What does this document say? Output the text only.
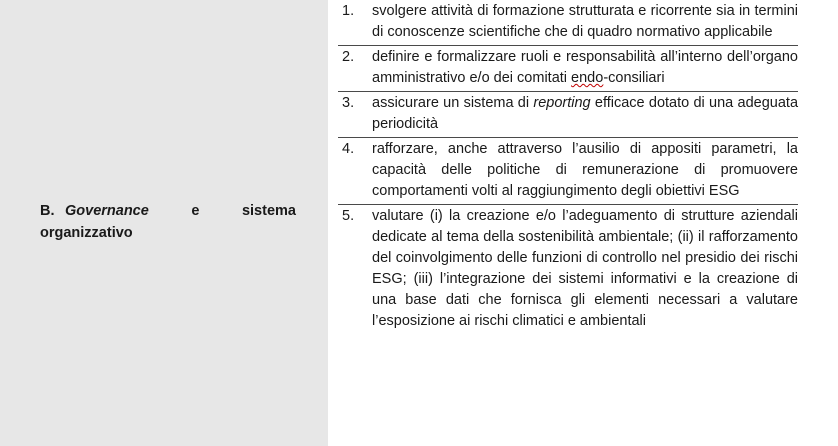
B. Governance	e	sistema
organizzativo
1.	svolgere attività di formazione strutturata e ricorrente sia in termini di conoscenze scientifiche che di quadro normativo applicabile
2.	definire e formalizzare ruoli e responsabilità all’interno dell’organo amministrativo e/o dei comitati endo-consiliari
3.	assicurare un sistema di reporting efficace dotato di una adeguata periodicità
4.	rafforzare, anche attraverso l’ausilio di appositi parametri, la capacità delle politiche di remunerazione di promuovere comportamenti volti al raggiungimento degli obiettivi ESG
5.	valutare (i) la creazione e/o l’adeguamento di strutture aziendali dedicate al tema della sostenibilità ambientale; (ii) il rafforzamento del coinvolgimento delle funzioni di controllo nel presidio dei rischi ESG; (iii) l’integrazione dei sistemi informativi e la creazione di una base dati che fornisca gli elementi necessari a valutare l’esposizione ai rischi climatici e ambientali
